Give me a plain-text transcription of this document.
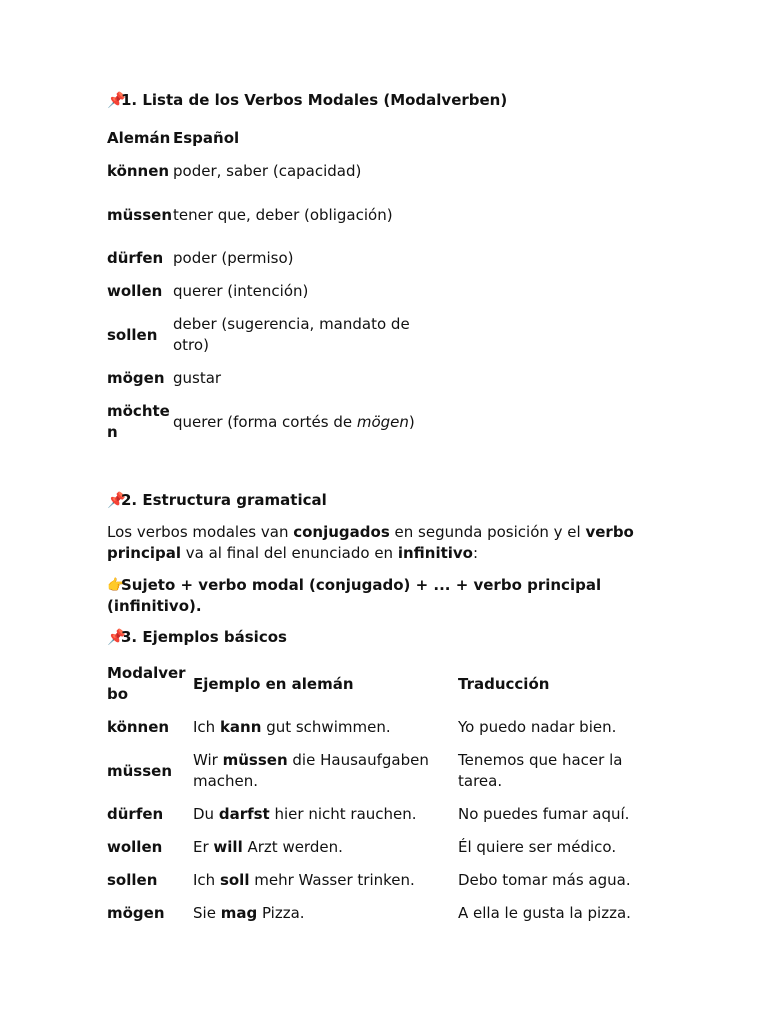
📌1. Lista de los Verbos Modales (Modalverben)

Alemán	Español
können	poder, saber (capacidad)
müssen	tener que, deber (obligación)
dürfen	poder (permiso)
wollen	querer (intención)
sollen	deber (sugerencia, mandato de otro)
mögen	gustar
möchten	querer (forma cortés de mögen)

📌2. Estructura gramatical

Los verbos modales van conjugados en segunda posición y el verbo principal va al final del enunciado en infinitivo:

👉Sujeto + verbo modal (conjugado) + ... + verbo principal (infinitivo).

📌3. Ejemplos básicos

Modalverbo	Ejemplo en alemán	Traducción
können	Ich kann gut schwimmen.	Yo puedo nadar bien.
müssen	Wir müssen die Hausaufgaben machen.	Tenemos que hacer la tarea.
dürfen	Du darfst hier nicht rauchen.	No puedes fumar aquí.
wollen	Er will Arzt werden.	Él quiere ser médico.
sollen	Ich soll mehr Wasser trinken.	Debo tomar más agua.
mögen	Sie mag Pizza.	A ella le gusta la pizza.
